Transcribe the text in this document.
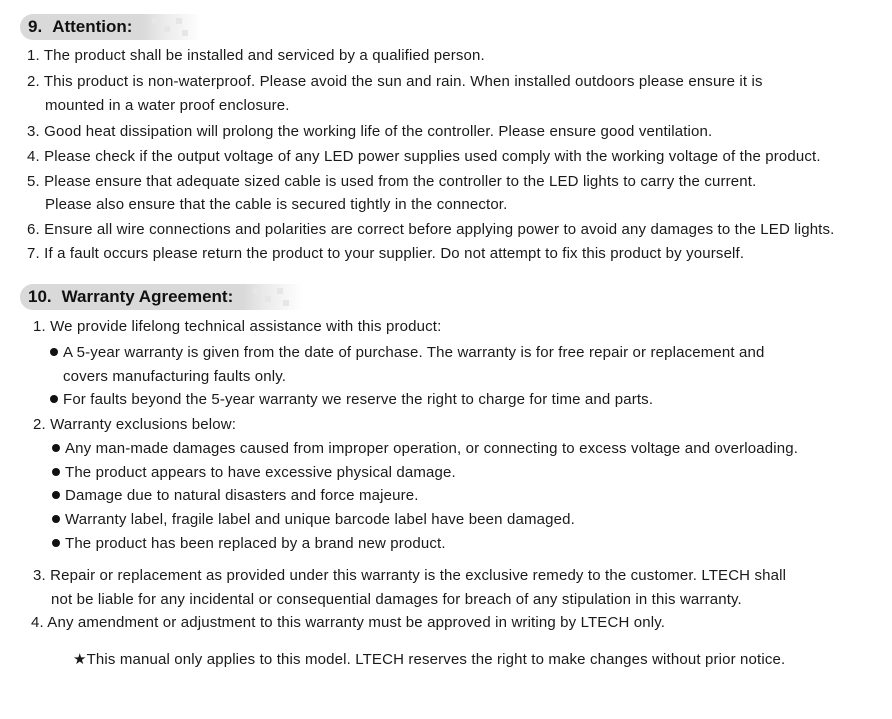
9. Attention:
1. The product shall be installed and serviced by a qualified person.
2. This product is non-waterproof. Please avoid the sun and rain. When installed outdoors please ensure it is
mounted in a water proof enclosure.
3. Good heat dissipation will prolong the working life of the controller. Please ensure good ventilation.
4. Please check if the output voltage of any LED power supplies used comply with the working voltage of the product.
5. Please ensure that adequate sized cable is used from the controller to the LED lights to carry the current.
Please also ensure that the cable is secured tightly in the connector.
6. Ensure all wire connections and polarities are correct before applying power to avoid any damages to the LED lights.
7. If a fault occurs please return the product to your supplier. Do not attempt to fix this product by yourself.
10. Warranty Agreement:
1. We provide lifelong technical assistance with this product:
A 5-year warranty is given from the date of purchase. The warranty is for free repair or replacement and
covers manufacturing faults only.
For faults beyond the 5-year warranty we reserve the right to charge for time and parts.
2. Warranty exclusions below:
Any man-made damages caused from improper operation, or connecting to excess voltage and overloading.
The product appears to have excessive physical damage.
Damage due to natural disasters and force majeure.
Warranty label, fragile label and unique barcode label have been damaged.
The product has been replaced by a brand new product.
3. Repair or replacement as provided under this warranty is the exclusive remedy to the customer. LTECH shall
not be liable for any incidental or consequential damages for breach of any stipulation in this warranty.
4. Any amendment or adjustment to this warranty must be approved in writing by LTECH only.
★This manual only applies to this model. LTECH reserves the right to make changes without prior notice.
